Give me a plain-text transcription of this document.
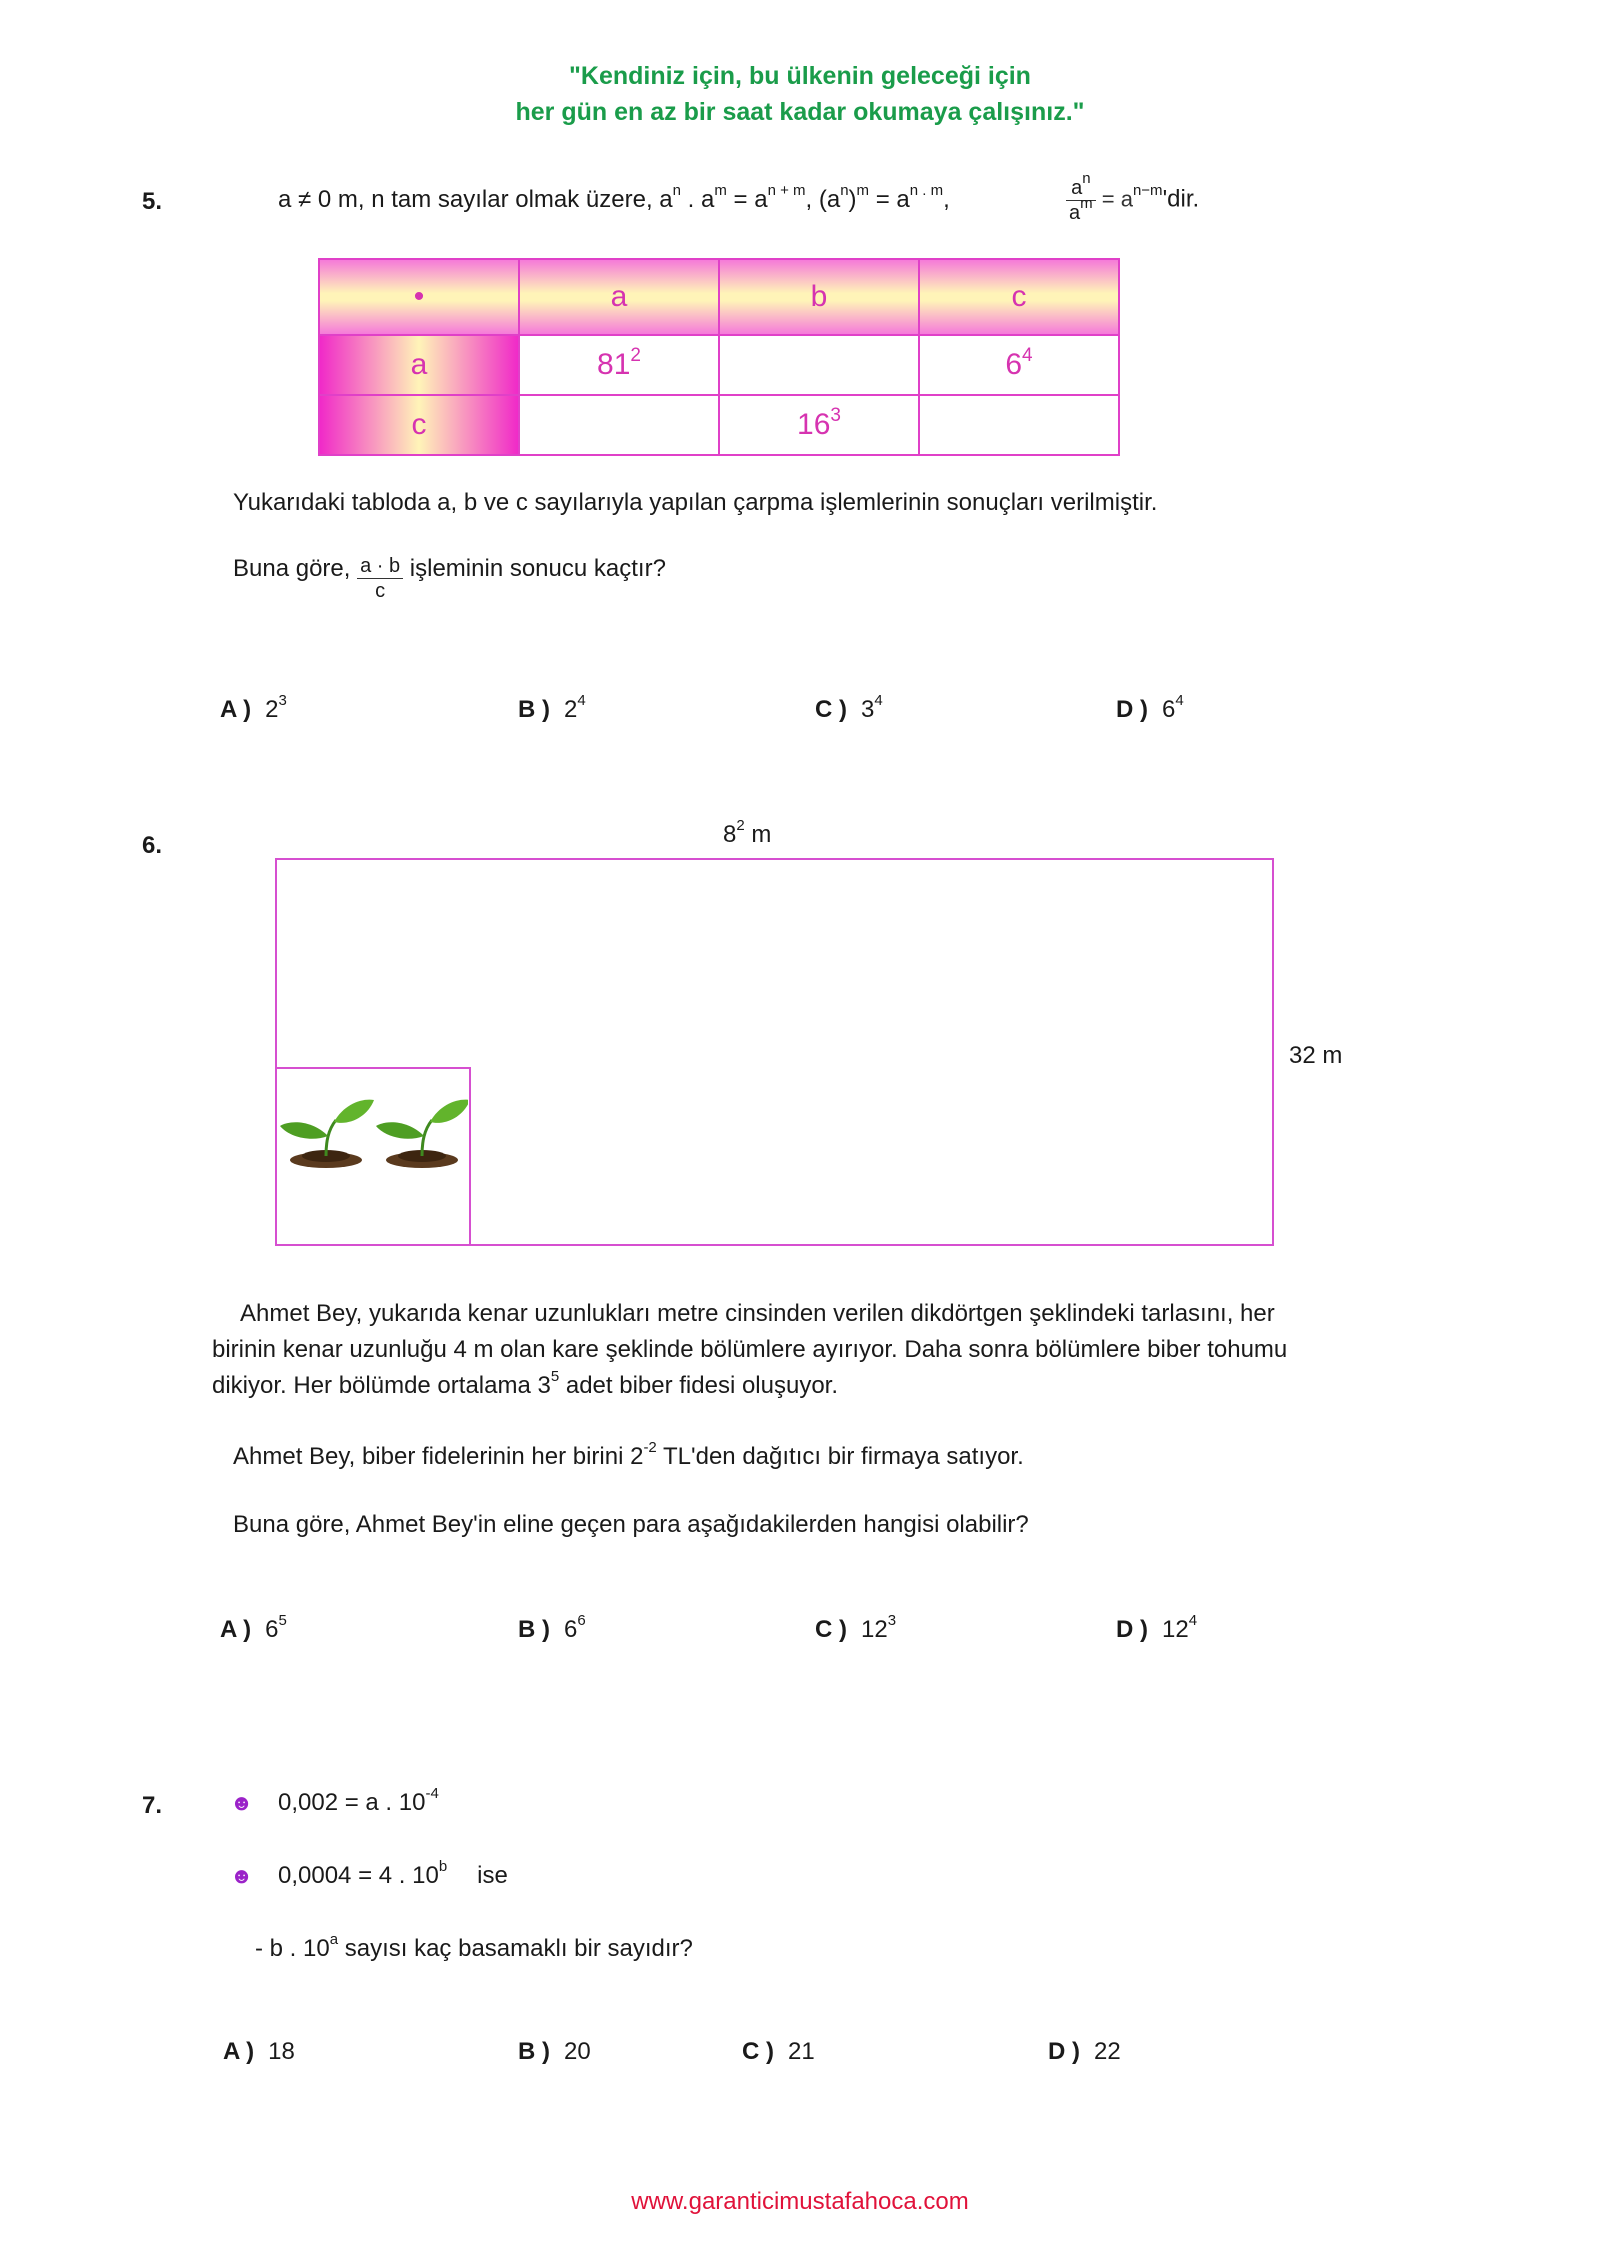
"Kendiniz için, bu ülkenin geleceği için
her gün en az bir saat kadar okumaya çalışınız."
5.	a ≠ 0 m, n tam sayılar olmak üzere, $a^n$ . $a^m = a^{n + m}$, $(a^n)^m = a^{n . m}$,	$\frac{a^n}{a^m} = a^{n-m}'dir$.
•	a	b	c
a	$81^2$		$6^4$
c		$16^3$	
Yukarıdaki tabloda a, b ve c sayılarıyla yapılan çarpma işlemlerinin sonuçları verilmiştir.
Buna göre, $\frac{a \cdot b}{c}$ işleminin sonucu kaçtır?
A ) $2^3$	B ) $2^4$	C ) $3^4$	D ) $6^4$
6.	$8^2$ m
32 m
Ahmet Bey, yukarıda kenar uzunlukları metre cinsinden verilen dikdörtgen şeklindeki tarlasını, her
birinin kenar uzunluğu 4 m olan kare şeklinde bölümlere ayırıyor. Daha sonra bölümlere biber tohumu
dikiyor. Her bölümde ortalama $3^5$ adet biber fidesi oluşuyor.
Ahmet Bey, biber fidelerinin her birini $2^{-2}$ TL'den dağıtıcı bir firmaya satıyor.
Buna göre, Ahmet Bey'in eline geçen para aşağıdakilerden hangisi olabilir?
A ) $6^5$	B ) $6^6$	C ) $12^3$	D ) $12^4$
7.	☻ 0,002 = a . $10^{-4}$
☻ 0,0004 = 4 . 10$^b$ ise
- b . 10$^a$ sayısı kaç basamaklı bir sayıdır?
A ) 18	B ) 20	C ) 21	D ) 22
www.garanticimustafahoca.com
